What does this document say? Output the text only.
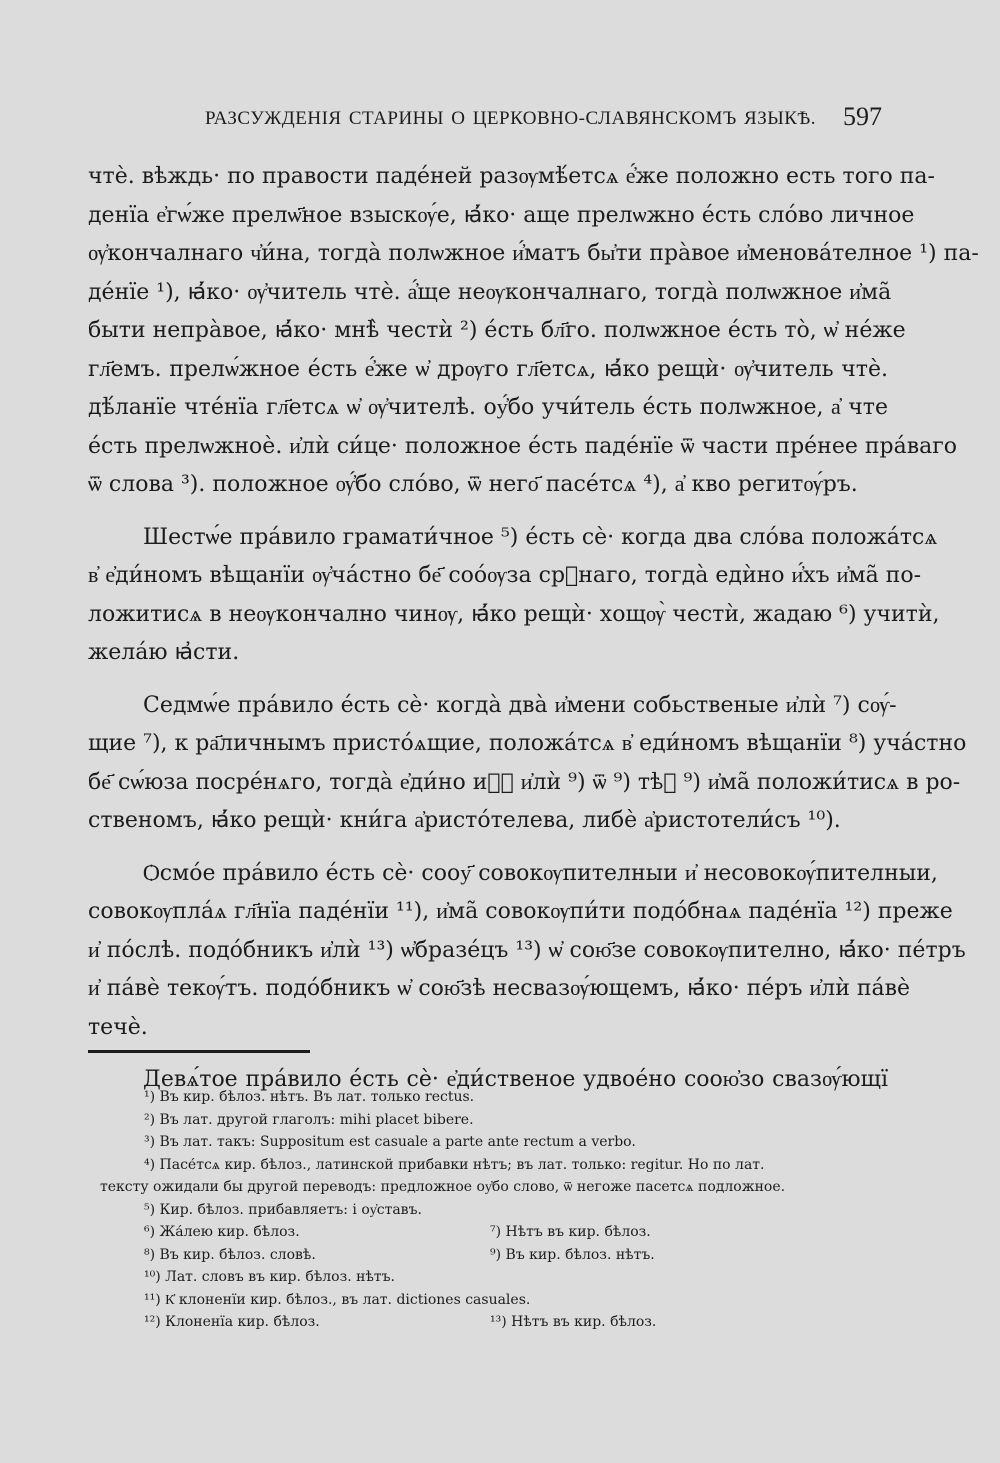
РАЗСУЖДЕНІЯ СТАРИНЫ О ЦЕРКОВНО-СЛАВЯНСКОМЪ ЯЗЫКѢ. 597
чтѐ. вѣждь· по правости паде́ней разѹмѣ́етсѧ е҆́же положно есть того па-
денїа е҆гѡ́же прелѡ҃ное взыскѹ́е, ꙗ҆́ко· аще прелѡжно е́сть сло́во личное
ѹ҆кончалнаго ч҆и́на, тогда̀ полѡжное и҆́матъ бы҆ти пра̀вое и҆менова́телное ¹) па-
де́нїе ¹), ꙗ҆́ко· ѹ҆читель чтѐ. а҆́ще неѹкончалнаго, тогда̀ полѡжное и҆ма̃
быти непра̀вое, ꙗ҆́ко· мнѣ̀ честѝ ²) е́сть бл҃го. полѡжное е́сть то̀, ѡ҆ не́же
гл҃емъ. прелѡ́жное е́сть е҆́же ѡ҆ дрѹго гл҃етсѧ, ꙗ҆́ко рещѝ· ѹ҆читель чтѐ.
дѣ́ланїе чте́нїа гл҃етсѧ ѡ҆ ѹ҆чителѣ. оу҆́бо учи́тель е́сть полѡжное, а҆ чте
е́сть прелѡжноѐ. и҆лѝ си́це· положное е́сть паде́нїе ѿ части пре́нее пра́ваго
ѿ слова ³). положное ѹ҆́бо сло́во, ѿ него҃ пасе́тсѧ ⁴), а҆ кво регитѹ́ръ.
Шестѡ́е пра́вило грамати́чное ⁵) е́сть сѐ· когда два сло́ва положа́тсѧ
в҆ е҆ди́номъ вѣщанїи ѹ҆ча́стно бе҃ соо́ѹза срⷣнаго, тогда̀ едѝно и҆́хъ и҆ма̃ по-
ложитисѧ в неѹкончално чинѹ, ꙗ҆́ко рещѝ· хощѹ̀ честѝ, жадаю ⁶) учитѝ,
жела́ю ꙗ҆сти.
Седмѡ́е пра́вило е́сть сѐ· когда̀ два̀ и҆мени собьственые и҆лѝ ⁷) сѹ́-
щие ⁷), к ра҃личнымъ присто́ѧщие, положа́тсѧ в҆ еди́номъ вѣщанїи ⁸) уча́стно
бе҃ сѡ́юза посре́нѧго, тогда̀ е҆ди́но и҆ⷯ и҆лѝ ⁹) ѿ ⁹) тѣⷯ ⁹) и҆ма̃ положи́тисѧ в ро-
ственомъ, ꙗ҆́ко рещѝ· кни́га а҆ристо́телева, либѐ а҆ристотели́съ ¹⁰).
Ѻсмо́е пра́вило е́сть сѐ· сооу҃ совокѹпителныи и҆ несовокѹ́пителныи,
совокѹпла́ѧ гл҃нїа паде́нїи ¹¹), и҆ма̃ совокѹпи́ти подо́бнаѧ паде́нїа ¹²) преже
и҆ по́слѣ. подо́бникъ и҆лѝ ¹³) ѡ҆бразе́цъ ¹³) ѡ҆ сою҃зе совокѹпително, ꙗ҆́ко· пе́тръ
и҆ па́вѐ текѹ́тъ. подо́бникъ ѡ҆ сою҃зѣ несвазѹ́ющемъ, ꙗ҆́ко· пе́ръ и҆лѝ па́вѐ
течѐ.
Девѧ́тое пра́вило е́сть сѐ· е҆ди́ственое удвое́но соою҆зо свазѹ́ющї
¹) Въ кир. бѣлоз. нѣтъ. Въ лат. только rectus.
²) Въ лат. другой глаголъ: mihi placet bibere.
³) Въ лат. такъ: Suppositum est casuale a parte ante rectum a verbo.
⁴) Пасе́тсѧ кир. бѣлоз., латинской прибавки нѣтъ; въ лат. только: regitur. Но по лат.
тексту ожидали бы другой переводъ: предложное оу҆бо слово, ѿ негоже пасетсѧ подложное.
⁵) Кир. бѣлоз. прибавляетъ: і оу҆ставъ.
⁶) Жа́лею кир. бѣлоз.	⁷) Нѣтъ въ кир. бѣлоз.
⁸) Въ кир. бѣлоз. словѣ.	⁹) Въ кир. бѣлоз. нѣтъ.
¹⁰) Лат. словъ въ кир. бѣлоз. нѣтъ.
¹¹) К҆ клоненїи кир. бѣлоз., въ лат. dictiones casuales.
¹²) Клоненїа кир. бѣлоз.	¹³) Нѣтъ въ кир. бѣлоз.
